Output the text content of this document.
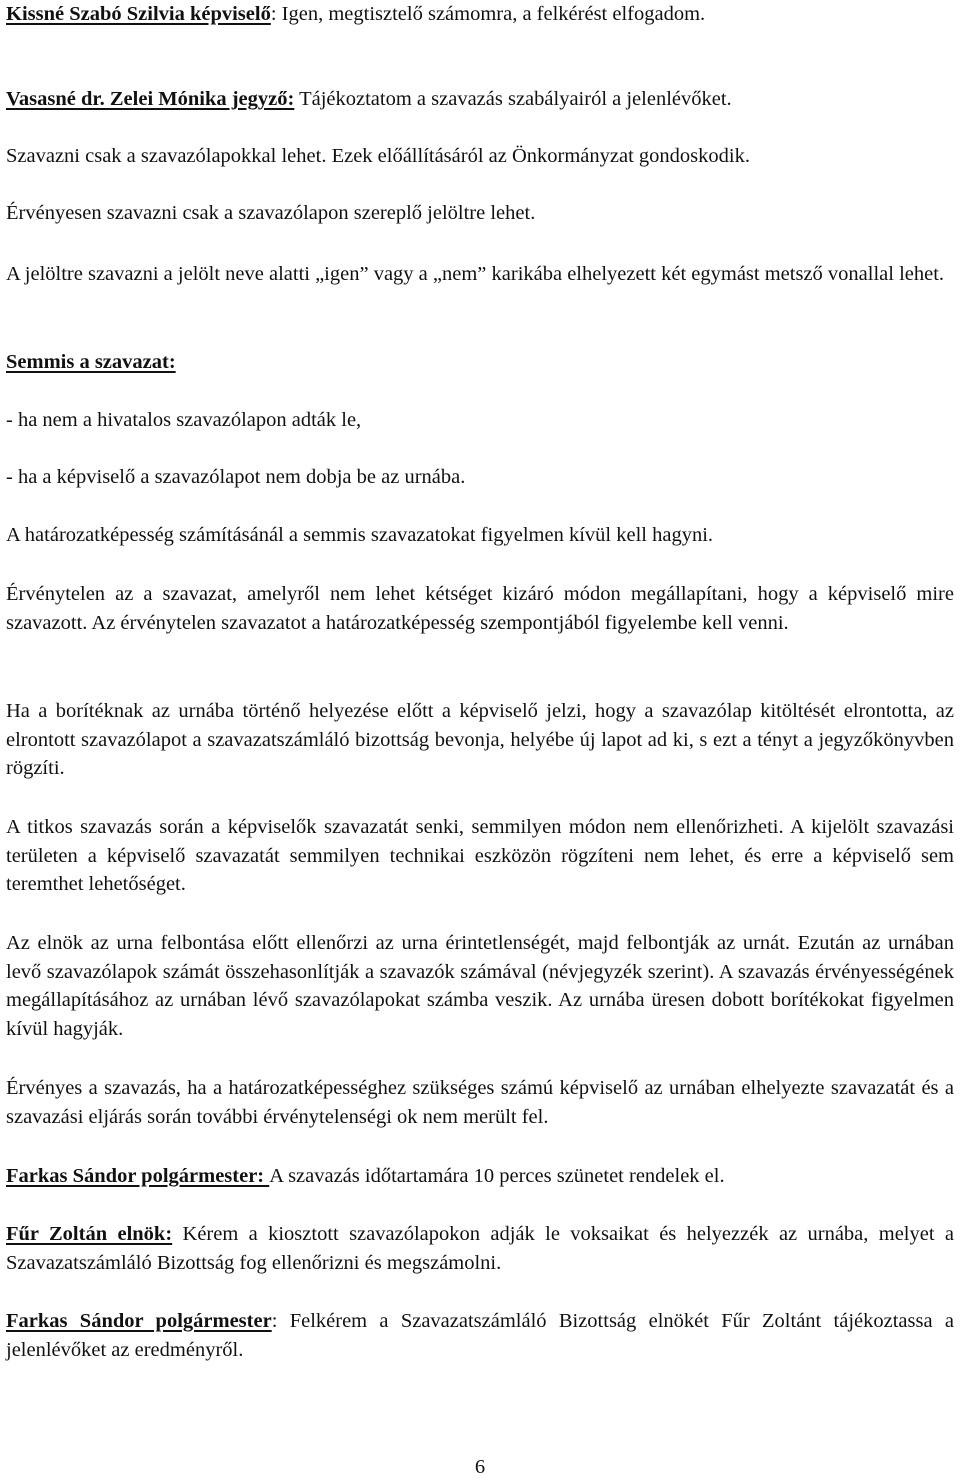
Kissné Szabó Szilvia képviselő: Igen, megtisztelő számomra, a felkérést elfogadom.

Vasasné dr. Zelei Mónika jegyző: Tájékoztatom a szavazás szabályairól a jelenlévőket.

Szavazni csak a szavazólapokkal lehet. Ezek előállításáról az Önkormányzat gondoskodik.

Érvényesen szavazni csak a szavazólapon szereplő jelöltre lehet.

A jelöltre szavazni a jelölt neve alatti „igen” vagy a „nem” karikába elhelyezett két egymást metsző vonallal lehet.

Semmis a szavazat:

- ha nem a hivatalos szavazólapon adták le,

- ha a képviselő a szavazólapot nem dobja be az urnába.

A határozatképesség számításánál a semmis szavazatokat figyelmen kívül kell hagyni.

Érvénytelen az a szavazat, amelyről nem lehet kétséget kizáró módon megállapítani, hogy a képviselő mire szavazott. Az érvénytelen szavazatot a határozatképesség szempontjából figyelembe kell venni.

Ha a borítéknak az urnába történő helyezése előtt a képviselő jelzi, hogy a szavazólap kitöltését elrontotta, az elrontott szavazólapot a szavazatszámláló bizottság bevonja, helyébe új lapot ad ki, s ezt a tényt a jegyzőkönyvben rögzíti.

A titkos szavazás során a képviselők szavazatát senki, semmilyen módon nem ellenőrizheti. A kijelölt szavazási területen a képviselő szavazatát semmilyen technikai eszközön rögzíteni nem lehet, és erre a képviselő sem teremthet lehetőséget.

Az elnök az urna felbontása előtt ellenőrzi az urna érintetlenségét, majd felbontják az urnát. Ezután az urnában levő szavazólapok számát összehasonlítják a szavazók számával (névjegyzék szerint). A szavazás érvényességének megállapításához az urnában lévő szavazólapokat számba veszik. Az urnába üresen dobott borítékokat figyelmen kívül hagyják.

Érvényes a szavazás, ha a határozatképességhez szükséges számú képviselő az urnában elhelyezte szavazatát és a szavazási eljárás során további érvénytelenségi ok nem merült fel.

Farkas Sándor polgármester: A szavazás időtartamára 10 perces szünetet rendelek el.

Fűr Zoltán elnök: Kérem a kiosztott szavazólapokon adják le voksaikat és helyezzék az urnába, melyet a Szavazatszámláló Bizottság fog ellenőrizni és megszámolni.

Farkas Sándor polgármester: Felkérem a Szavazatszámláló Bizottság elnökét Fűr Zoltánt tájékoztassa a jelenlévőket az eredményről.

6
